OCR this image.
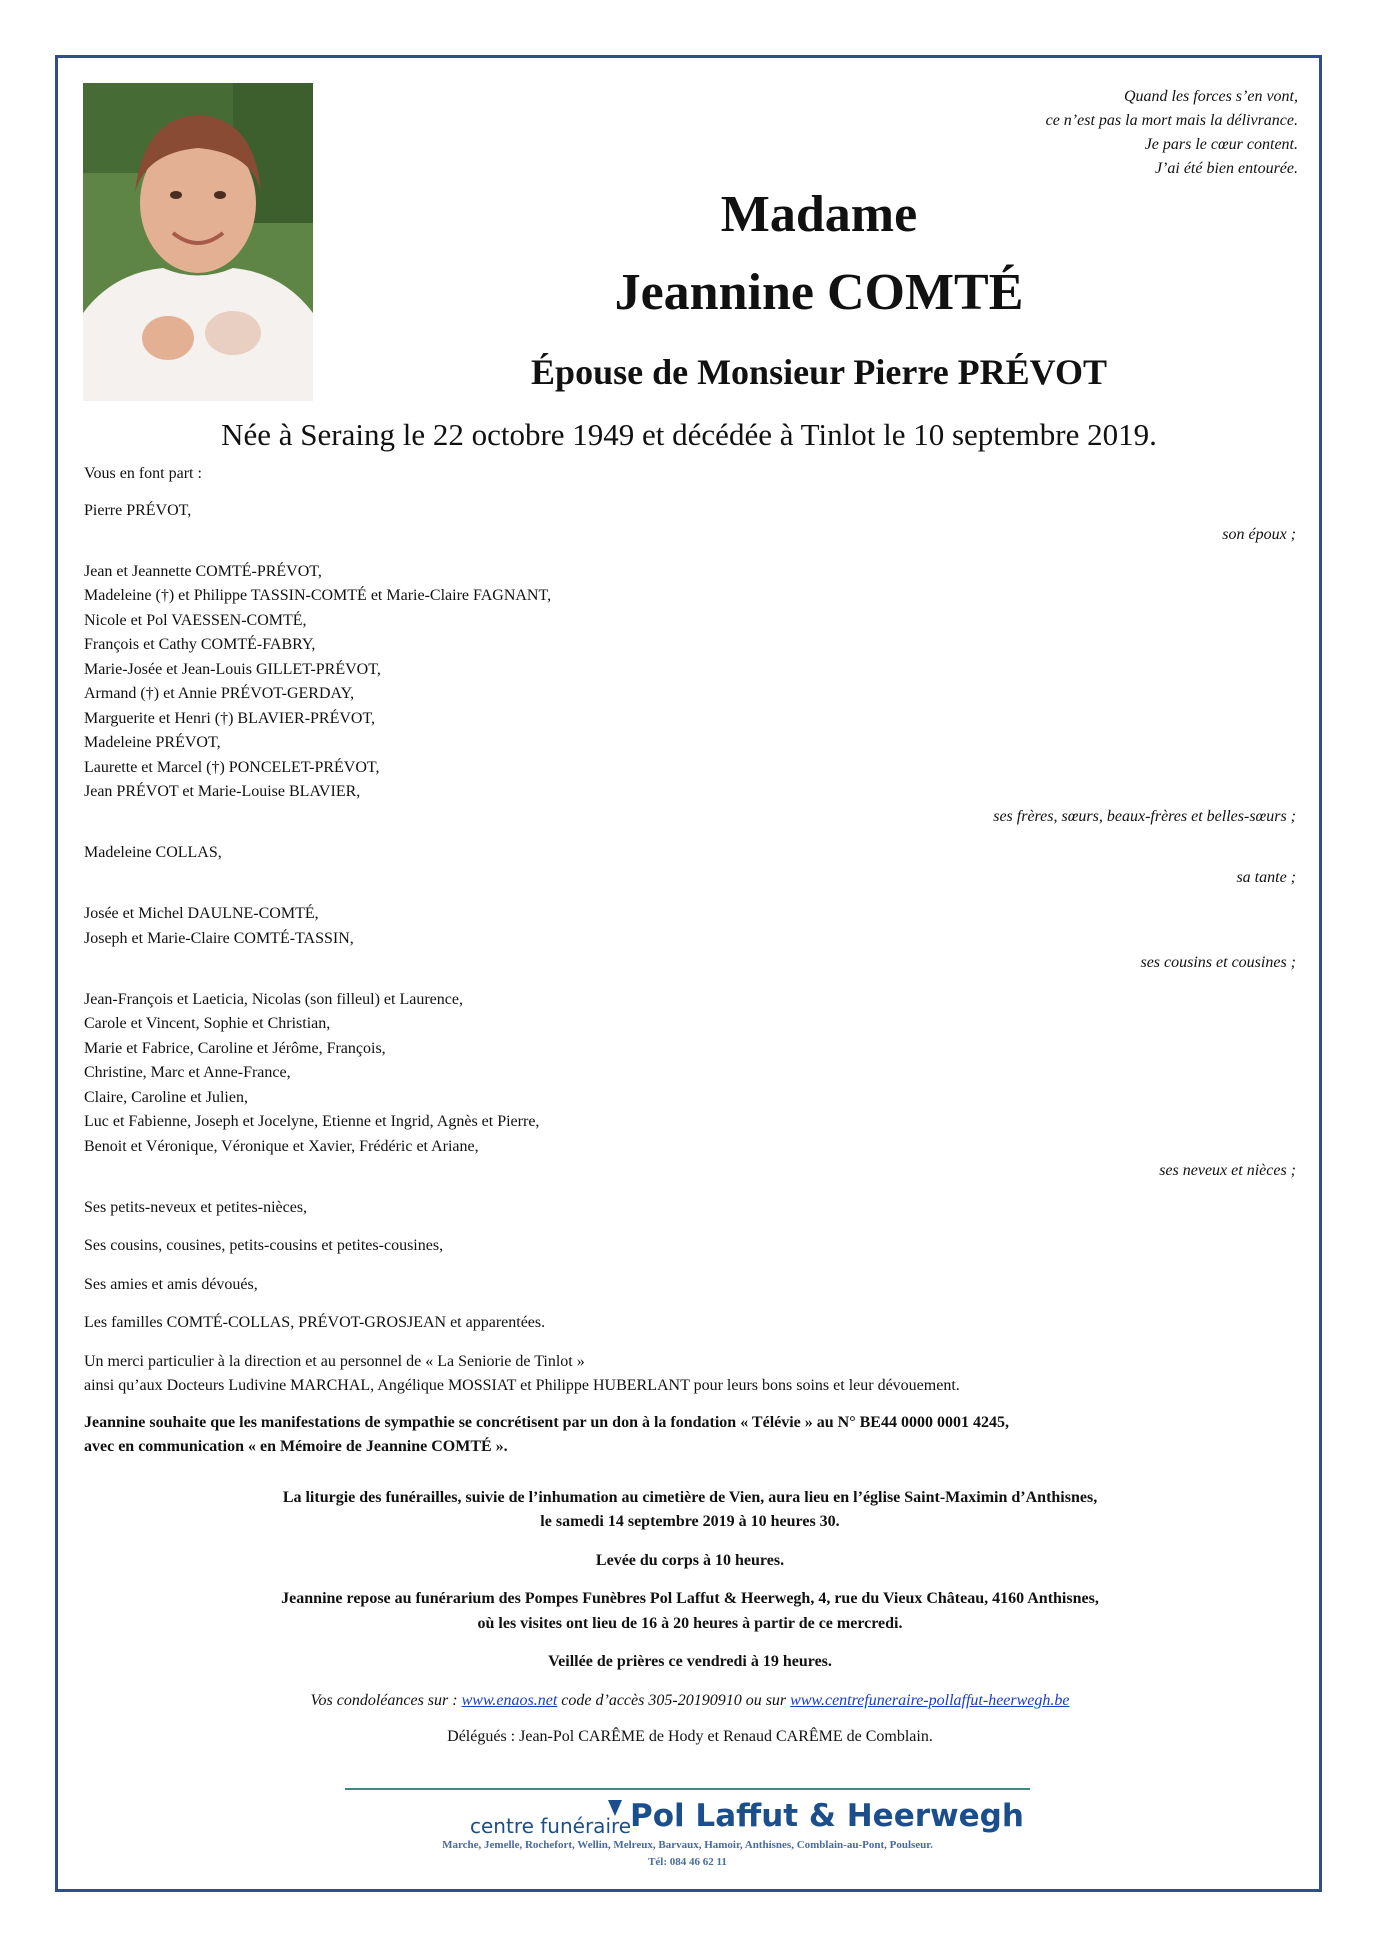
Quand les forces s’en vont,
ce n’est pas la mort mais la délivrance.
Je pars le cœur content.
J’ai été bien entourée.
Madame
Jeannine COMTÉ
Épouse de Monsieur Pierre PRÉVOT
Née à Seraing le 22 octobre 1949 et décédée à Tinlot le 10 septembre 2019.
Vous en font part :
Pierre PRÉVOT,
son époux ;
Jean et Jeannette COMTÉ-PRÉVOT,
Madeleine (†) et Philippe TASSIN-COMTÉ et Marie-Claire FAGNANT,
Nicole et Pol VAESSEN-COMTÉ,
François et Cathy COMTÉ-FABRY,
Marie-Josée et Jean-Louis GILLET-PRÉVOT,
Armand (†) et Annie PRÉVOT-GERDAY,
Marguerite et Henri (†) BLAVIER-PRÉVOT,
Madeleine PRÉVOT,
Laurette et Marcel (†) PONCELET-PRÉVOT,
Jean PRÉVOT et Marie-Louise BLAVIER,
ses frères, sœurs, beaux-frères et belles-sœurs ;
Madeleine COLLAS,
sa tante ;
Josée et Michel DAULNE-COMTÉ,
Joseph et Marie-Claire COMTÉ-TASSIN,
ses cousins et cousines ;
Jean-François et Laeticia, Nicolas (son filleul) et Laurence,
Carole et Vincent, Sophie et Christian,
Marie et Fabrice, Caroline et Jérôme, François,
Christine, Marc et Anne-France,
Claire, Caroline et Julien,
Luc et Fabienne, Joseph et Jocelyne, Etienne et Ingrid, Agnès et Pierre,
Benoit et Véronique, Véronique et Xavier, Frédéric et Ariane,
ses neveux et nièces ;
Ses petits-neveux et petites-nièces,
Ses cousins, cousines, petits-cousins et petites-cousines,
Ses amies et amis dévoués,
Les familles COMTÉ-COLLAS, PRÉVOT-GROSJEAN et apparentées.
Un merci particulier à la direction et au personnel de « La Seniorie de Tinlot »
ainsi qu’aux Docteurs Ludivine MARCHAL, Angélique MOSSIAT et Philippe HUBERLANT pour leurs bons soins et leur dévouement.
Jeannine souhaite que les manifestations de sympathie se concrétisent par un don à la fondation « Télévie » au N° BE44 0000 0001 4245,
avec en communication « en Mémoire de Jeannine COMTÉ ».
La liturgie des funérailles, suivie de l’inhumation au cimetière de Vien, aura lieu en l’église Saint-Maximin d’Anthisnes,
le samedi 14 septembre 2019 à 10 heures 30.
Levée du corps à 10 heures.
Jeannine repose au funérarium des Pompes Funèbres Pol Laffut & Heerwegh, 4, rue du Vieux Château, 4160 Anthisnes,
où les visites ont lieu de 16 à 20 heures à partir de ce mercredi.
Veillée de prières ce vendredi à 19 heures.
Vos condoléances sur : www.enaos.net code d’accès 305-20190910 ou sur www.centrefuneraire-pollaffut-heerwegh.be
Délégués : Jean-Pol CARÊME de Hody et Renaud CARÊME de Comblain.
centre funéraire
Pol Laffut & Heerwegh
Marche, Jemelle, Rochefort, Wellin, Melreux, Barvaux, Hamoir, Anthisnes, Comblain-au-Pont, Poulseur.
Tél: 084 46 62 11
